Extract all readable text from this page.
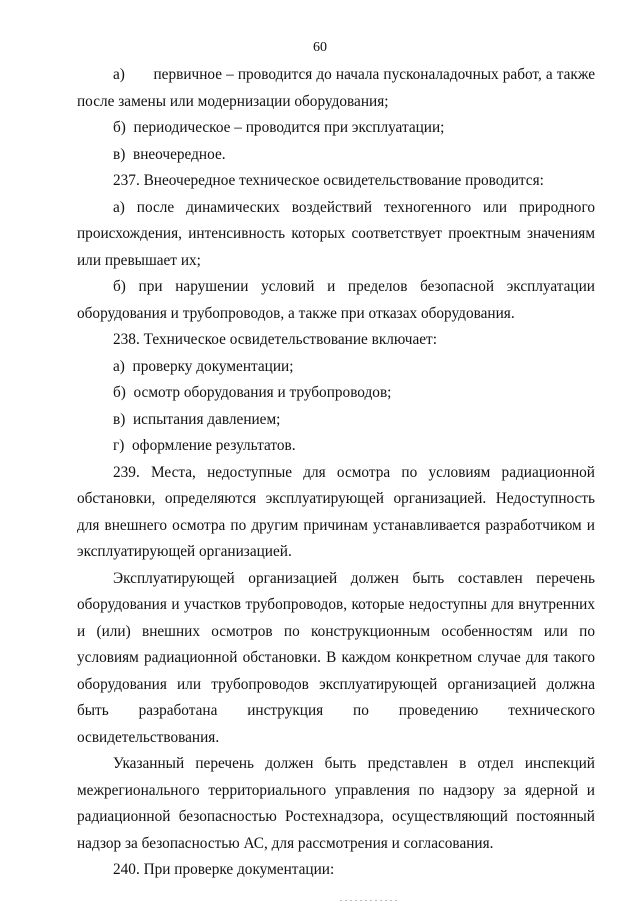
60

а)       первичное – проводится до начала пусконаладочных работ, а также после замены или модернизации оборудования;

б)  периодическое – проводится при эксплуатации;

в)  внеочередное.

237. Внеочередное техническое освидетельствование проводится:

а) после динамических воздействий техногенного или природного происхождения, интенсивность которых соответствует проектным значениям или превышает их;

б) при нарушении условий и пределов безопасной эксплуатации оборудования и трубопроводов, а также при отказах оборудования.

238. Техническое освидетельствование включает:

а)  проверку документации;

б)  осмотр оборудования и трубопроводов;

в)  испытания давлением;

г)  оформление результатов.

239. Места, недоступные для осмотра по условиям радиационной обстановки, определяются эксплуатирующей организацией. Недоступность для внешнего осмотра по другим причинам устанавливается разработчиком и эксплуатирующей организацией.

Эксплуатирующей организацией должен быть составлен перечень оборудования и участков трубопроводов, которые недоступны для внутренних и (или) внешних осмотров по конструкционным особенностям или по условиям радиационной обстановки. В каждом конкретном случае для такого оборудования или трубопроводов эксплуатирующей организацией должна быть разработана инструкция по проведению технического освидетельствования.

Указанный перечень должен быть представлен в отдел инспекций межрегионального территориального управления по надзору за ядерной и радиационной безопасностью Ростехнадзора, осуществляющий постоянный надзор за безопасностью АС, для рассмотрения и согласования.

240. При проверке документации:
